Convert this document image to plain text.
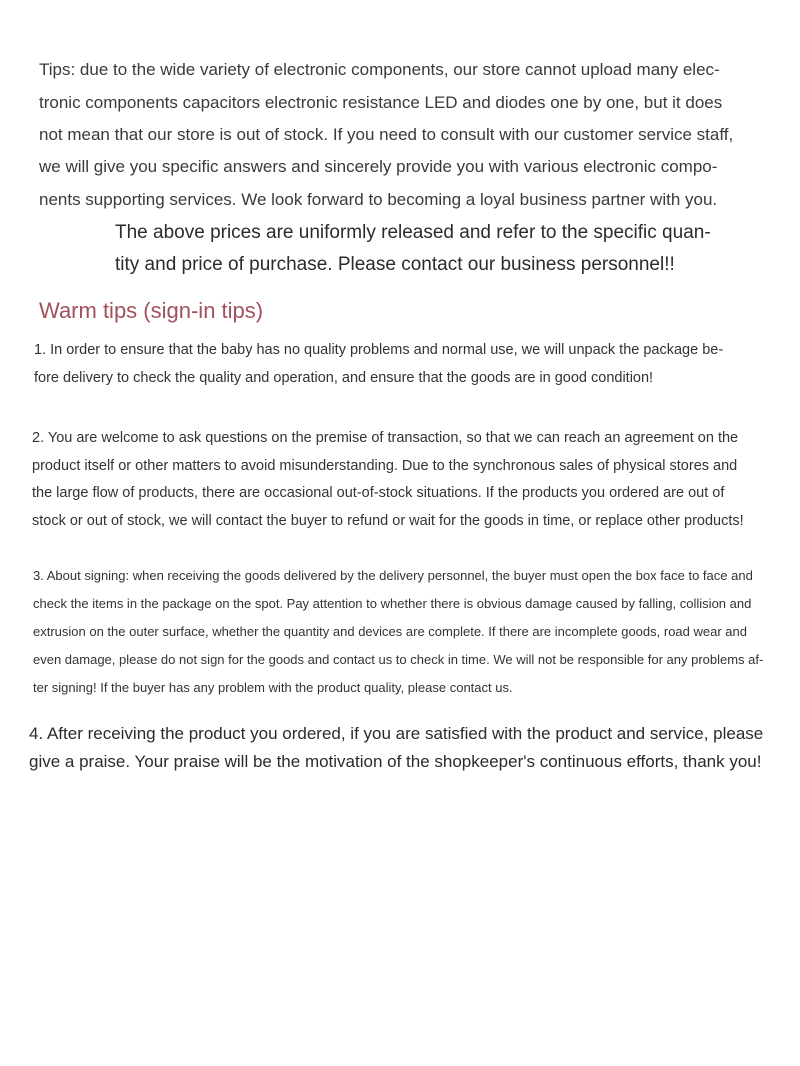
Tips: due to the wide variety of electronic components, our store cannot upload many elec-

tronic components capacitors electronic resistance LED and diodes one by one, but it does

not mean that our store is out of stock. If you need to consult with our customer service staff,

we will give you specific answers and sincerely provide you with various electronic compo-

nents supporting services. We look forward to becoming a loyal business partner with you.

The above prices are uniformly released and refer to the specific quan-

tity and price of purchase. Please contact our business personnel!!

Warm tips (sign-in tips)

1. In order to ensure that the baby has no quality problems and normal use, we will unpack the package be-

fore delivery to check the quality and operation, and ensure that the goods are in good condition!

2. You are welcome to ask questions on the premise of transaction, so that we can reach an agreement on the

product itself or other matters to avoid misunderstanding. Due to the synchronous sales of physical stores and

the large flow of products, there are occasional out-of-stock situations. If the products you ordered are out of

stock or out of stock, we will contact the buyer to refund or wait for the goods in time, or replace other products!

3. About signing: when receiving the goods delivered by the delivery personnel, the buyer must open the box face to face and

check the items in the package on the spot. Pay attention to whether there is obvious damage caused by falling, collision and

extrusion on the outer surface, whether the quantity and devices are complete. If there are incomplete goods, road wear and

even damage, please do not sign for the goods and contact us to check in time. We will not be responsible for any problems af-

ter signing! If the buyer has any problem with the product quality, please contact us.

4. After receiving the product you ordered, if you are satisfied with the product and service, please

give a praise. Your praise will be the motivation of the shopkeeper's continuous efforts, thank you!
